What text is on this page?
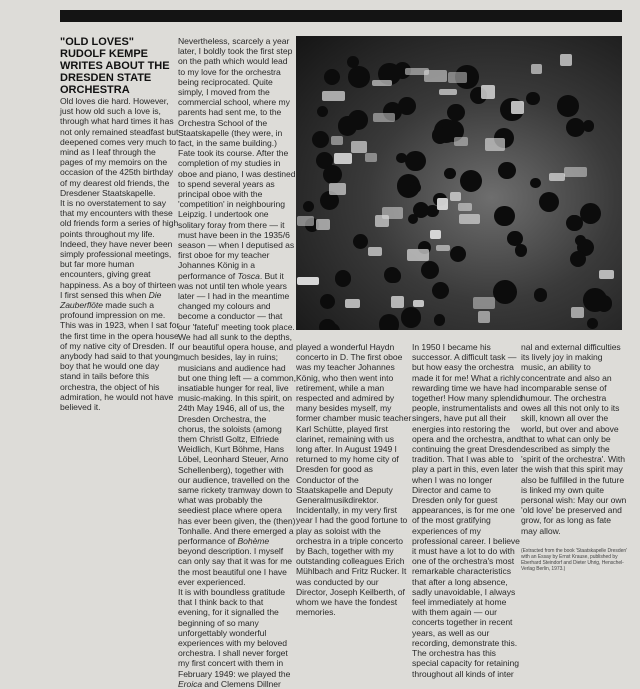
"OLD LOVES" RUDOLF KEMPE WRITES ABOUT THE DRESDEN STATE ORCHESTRA

Old loves die hard. However, just how old such a love is, through what hard times it has not only remained steadfast but deepened comes very much to mind as I leaf through the pages of my memoirs on the occasion of the 425th birthday of my dearest old friends, the Dresdener Staatskapelle.

It is no overstatement to say that my encounters with these old friends form a series of high points throughout my life. Indeed, they have never been simply professional meetings, but far more human encounters, giving great happiness. As a boy of thirteen I first sensed this when Die Zauberflöte made such a profound impression on me. This was in 1923, when I sat for the first time in the opera house of my native city of Dresden. If anybody had said to that young boy that he would one day stand in tails before this orchestra, the object of his admiration, he would not have believed it.

Nevertheless, scarcely a year later, I boldly took the first step on the path which would lead to my love for the orchestra being reciprocated. Quite simply, I moved from the commercial school, where my parents had sent me, to the Orchestra School of the Staatskapelle (they were, in fact, in the same building.) Fate took its course. After the completion of my studies in oboe and piano, I was destined to spend several years as principal oboe with the 'competition' in neighbouring Leipzig. I undertook one solitary foray from there — it must have been in the 1935/6 season — when I deputised as first oboe for my teacher Johannes König in a performance of Tosca. But it was not until ten whole years later — I had in the meantime changed my colours and become a conductor — that our 'fateful' meeting took place. We had all sunk to the depths, our beautiful opera house, and much besides, lay in ruins; musicians and audience had but one thing left — a common, insatiable hunger for real, live music-making. In this spirit, on 24th May 1946, all of us, the Dresden Orchestra, the chorus, the soloists (among them Christl Goltz, Elfriede Weidlich, Kurt Böhme, Hans Löbel, Leonhard Steuer, Arno Schellenberg), together with our audience, travelled on the same rickety tramway down to what was probably the seediest place where opera has ever been given, the (then) Tonhalle. And there emerged a performance of Bohème beyond description. I myself can only say that it was for me the most beautiful one I have ever experienced.

It is with boundless gratitude that I think back to that evening, for it signalled the beginning of so many unforgettably wonderful experiences with my beloved orchestra. I shall never forget my first concert with them in February 1949: we played the Eroica and Clemens Dillner

played a wonderful Haydn concerto in D. The first oboe was my teacher Johannes König, who then went into retirement, while a man respected and admired by many besides myself, my former chamber music teacher Karl Schütte, played first clarinet, remaining with us long after. In August 1949 I returned to my home city of Dresden for good as Conductor of the Staatskapelle and Deputy Generalmusikdirektor. Incidentally, in my very first year I had the good fortune to play as soloist with the orchestra in a triple concerto by Bach, together with my outstanding colleagues Erich Mühlbach and Fritz Rucker. It was conducted by our Director, Joseph Keilberth, of whom we have the fondest memories.

In 1950 I became his successor. A difficult task — but how easy the orchestra made it for me! What a richly rewarding time we have had together! How many splendid people, instrumentalists and singers, have put all their energies into restoring the opera and the orchestra, and continuing the great Dresden tradition. That I was able to play a part in this, even later when I was no longer Director and came to Dresden only for guest appearances, is for me one of the most gratifying experiences of my professional career. I believe it must have a lot to do with one of the orchestra's most remarkable characteristics that after a long absence, sadly unavoidable, I always feel immediately at home with them again — our concerts together in recent years, as well as our recording, demonstrate this. The orchestra has this special capacity for retaining throughout all kinds of inter

nal and external difficulties its lively joy in making music, an ability to concentrate and also an incomparable sense of humour. The orchestra owes all this not only to its skill, known all over the world, but over and above that to what can only be described as simply the 'spirit of the orchestra'. With the wish that this spirit may also be fulfilled in the future is linked my own quite personal wish: May our own 'old love' be preserved and grow, for as long as fate may allow.

(Extracted from the book 'Staatskapelle Dresden' with an Essay by Ernst Krause, published by Eberhard Steindorf and Dieter Uhrig, Henschel-Verlag Berlin, 1973.)
